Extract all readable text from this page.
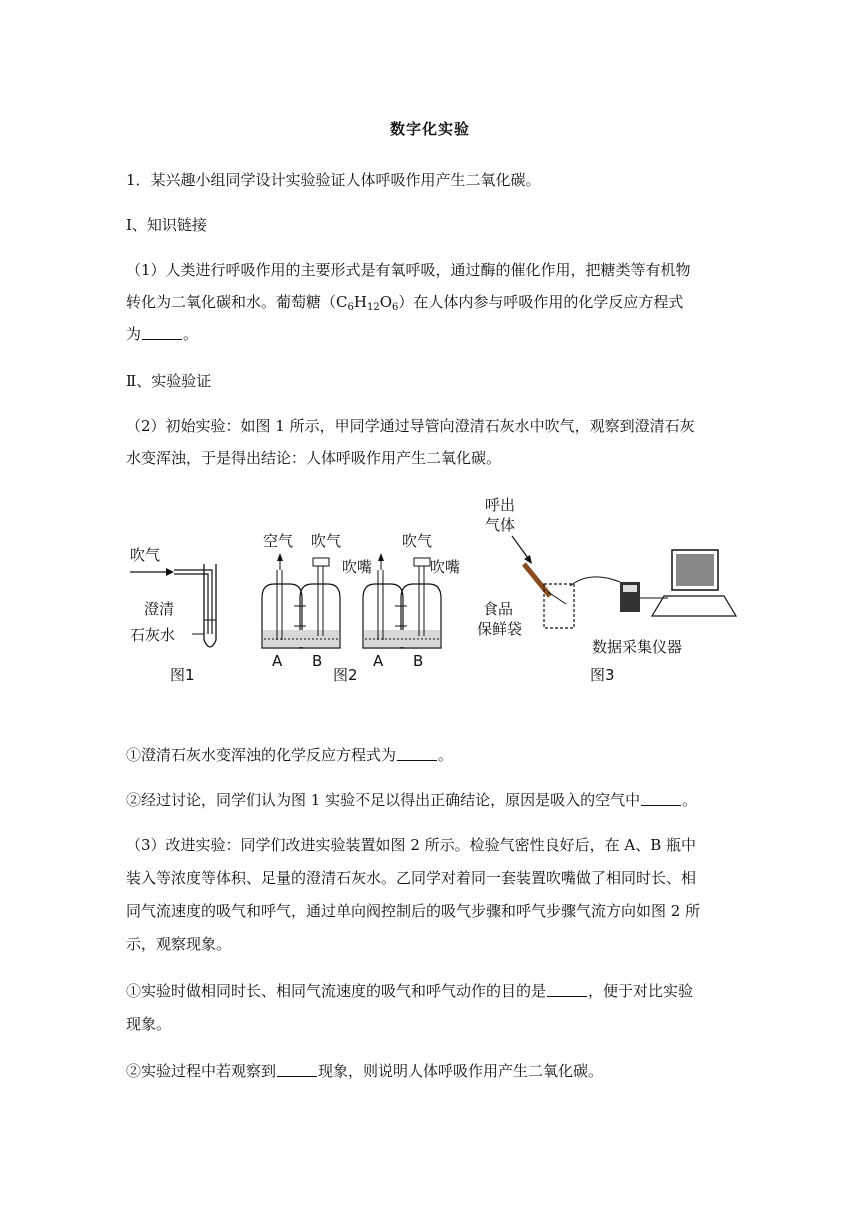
数字化实验
1．某兴趣小组同学设计实验验证人体呼吸作用产生二氧化碳。
Ⅰ、知识链接
（1）人类进行呼吸作用的主要形式是有氧呼吸，通过酶的催化作用，把糖类等有机物
转化为二氧化碳和水。葡萄糖$(C_6H_{12}O_6)$在人体内参与呼吸作用的化学反应方程式
为	。
Ⅱ、实验验证
（2）初始实验：如图 1 所示，甲同学通过导管向澄清石灰水中吹气，观察到澄清石灰
水变浑浊，于是得出结论：人体呼吸作用产生二氧化碳。
吹气
澄清
石灰水
图1
空气 吹气
吹嘴
A B
吹气
吹嘴
A B
图2
呼出
气体
食品
保鲜袋
数据采集仪器
图3
①澄清石灰水变浑浊的化学反应方程式为	。
②经过讨论，同学们认为图 1 实验不足以得出正确结论，原因是吸入的空气中	。
（3）改进实验：同学们改进实验装置如图 2 所示。检验气密性良好后，在 A、B 瓶中
装入等浓度等体积、足量的澄清石灰水。乙同学对着同一套装置吹嘴做了相同时长、相
同气流速度的吸气和呼气，通过单向阀控制后的吸气步骤和呼气步骤气流方向如图 2 所
示，观察现象。
①实验时做相同时长、相同气流速度的吸气和呼气动作的目的是	，便于对比实验
现象。
②实验过程中若观察到	现象，则说明人体呼吸作用产生二氧化碳。
